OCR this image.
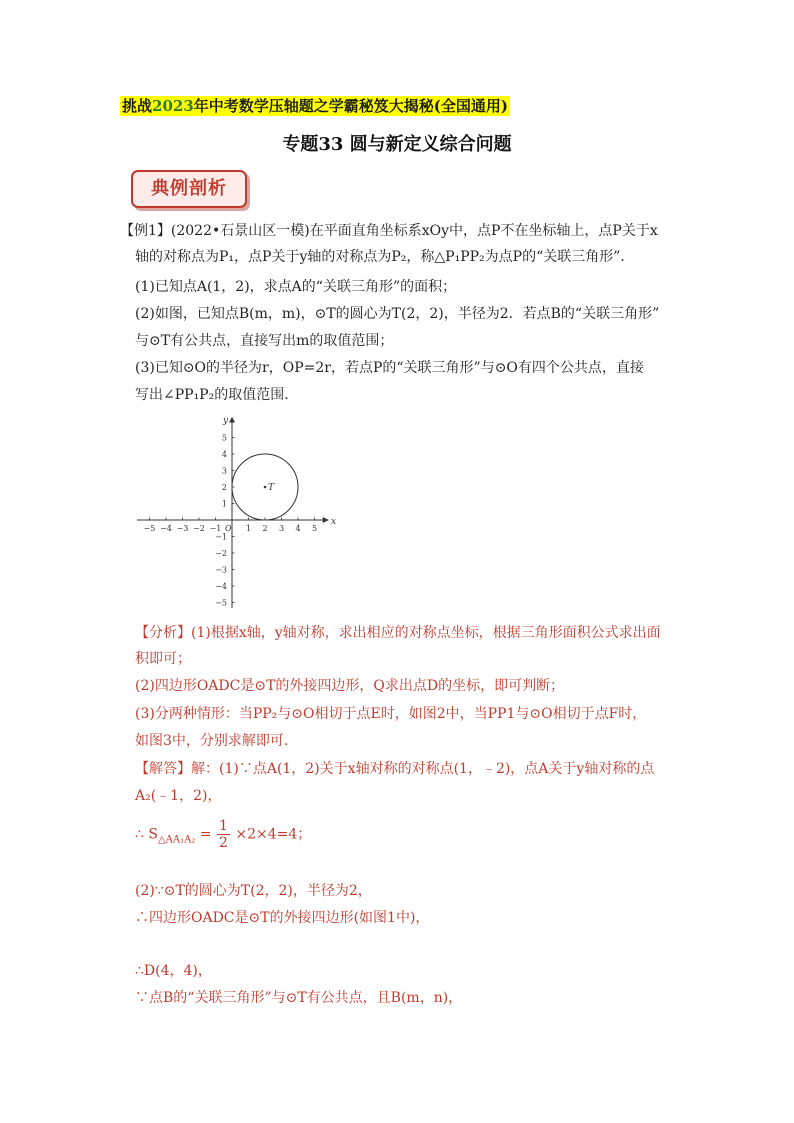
挑战2023年中考数学压轴题之学霸秘笈大揭秘(全国通用)
专题33 圆与新定义综合问题
典例剖析
【例1】(2022•石景山区一模)在平面直角坐标系xOy中，点P不在坐标轴上，点P关于x
轴的对称点为P₁，点P关于y轴的对称点为P₂，称△P₁PP₂为点P的“关联三角形”．
(1)已知点A(1，2)，求点A的“关联三角形”的面积；
(2)如图，已知点B(m，m)，⊙T的圆心为T(2，2)，半径为2．若点B的“关联三角形”
与⊙T有公共点，直接写出m的取值范围；
(3)已知⊙O的半径为r，OP=2r，若点P的“关联三角形”与⊙O有四个公共点，直接
写出∠PP₁P₂的取值范围．
x
y
O
−5 −4 −3 −2 −1	1 2 3 4 5
5
4
3
2
1
−1
−2
−3
−4
−5
T
【分析】(1)根据x轴，y轴对称，求出相应的对称点坐标，根据三角形面积公式求出面
积即可；
(2)四边形OADC是⊙T的外接四边形，Q求出点D的坐标，即可判断；
(3)分两种情形：当PP₂与⊙O相切于点E时，如图2中，当PP1与⊙O相切于点F时，
如图3中，分别求解即可．
【解答】解：(1)∵点A(1，2)关于x轴对称的对称点(1，﹣2)，点A关于y轴对称的点
A₂(﹣1，2)，
∴ $S_{\triangle AA_1A_2} = \frac{1}{2} \times 2\times 4=4$；
(2)∵⊙T的圆心为T(2，2)，半径为2，
∴四边形OADC是⊙T的外接四边形(如图1中)，
∴D(4，4)，
∵点B的“关联三角形”与⊙T有公共点，且B(m，n)，
